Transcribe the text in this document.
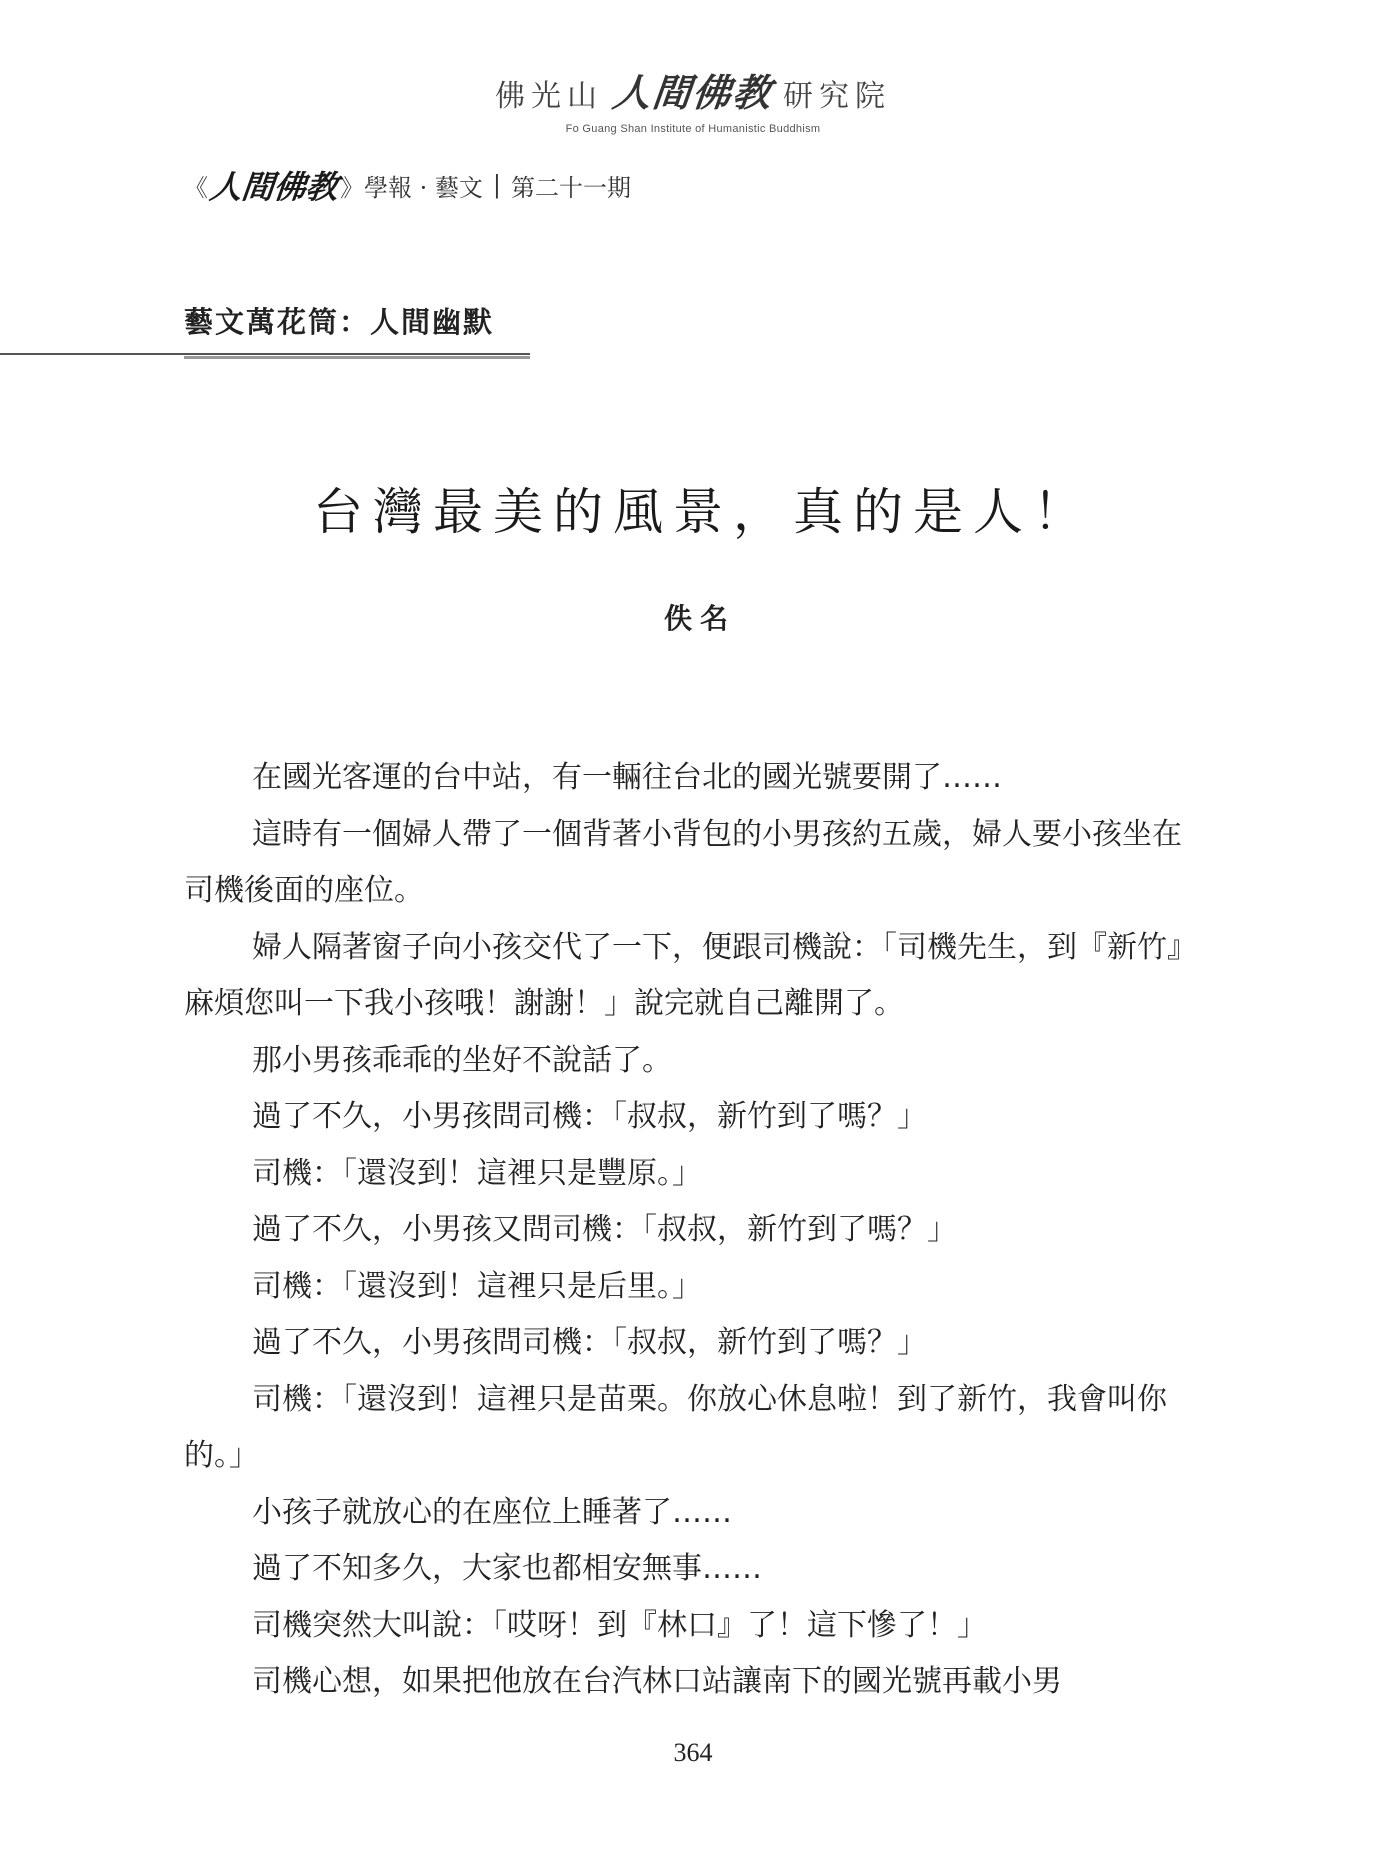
佛光山 人間佛教 研究院
Fo Guang Shan Institute of Humanistic Buddhism
《 人間佛教 》 學報 · 藝文 | 第二十一期
藝文萬花筒：人間幽默
台灣最美的風景，真的是人！
佚名

在國光客運的台中站，有一輛往台北的國光號要開了……

這時有一個婦人帶了一個背著小背包的小男孩約五歲，婦人要小孩坐在司機後面的座位。

婦人隔著窗子向小孩交代了一下，便跟司機說：「司機先生，到『新竹』麻煩您叫一下我小孩哦！謝謝！」說完就自己離開了。

那小男孩乖乖的坐好不說話了。

過了不久，小男孩問司機：「叔叔，新竹到了嗎？」

司機：「還沒到！這裡只是豐原。」

過了不久，小男孩又問司機：「叔叔，新竹到了嗎？」

司機：「還沒到！這裡只是后里。」

過了不久，小男孩問司機：「叔叔，新竹到了嗎？」

司機：「還沒到！這裡只是苗栗。你放心休息啦！到了新竹，我會叫你的。」

小孩子就放心的在座位上睡著了……

過了不知多久，大家也都相安無事……

司機突然大叫說：「哎呀！到『林口』了！這下慘了！」

司機心想，如果把他放在台汽林口站讓南下的國光號再載小男

364
